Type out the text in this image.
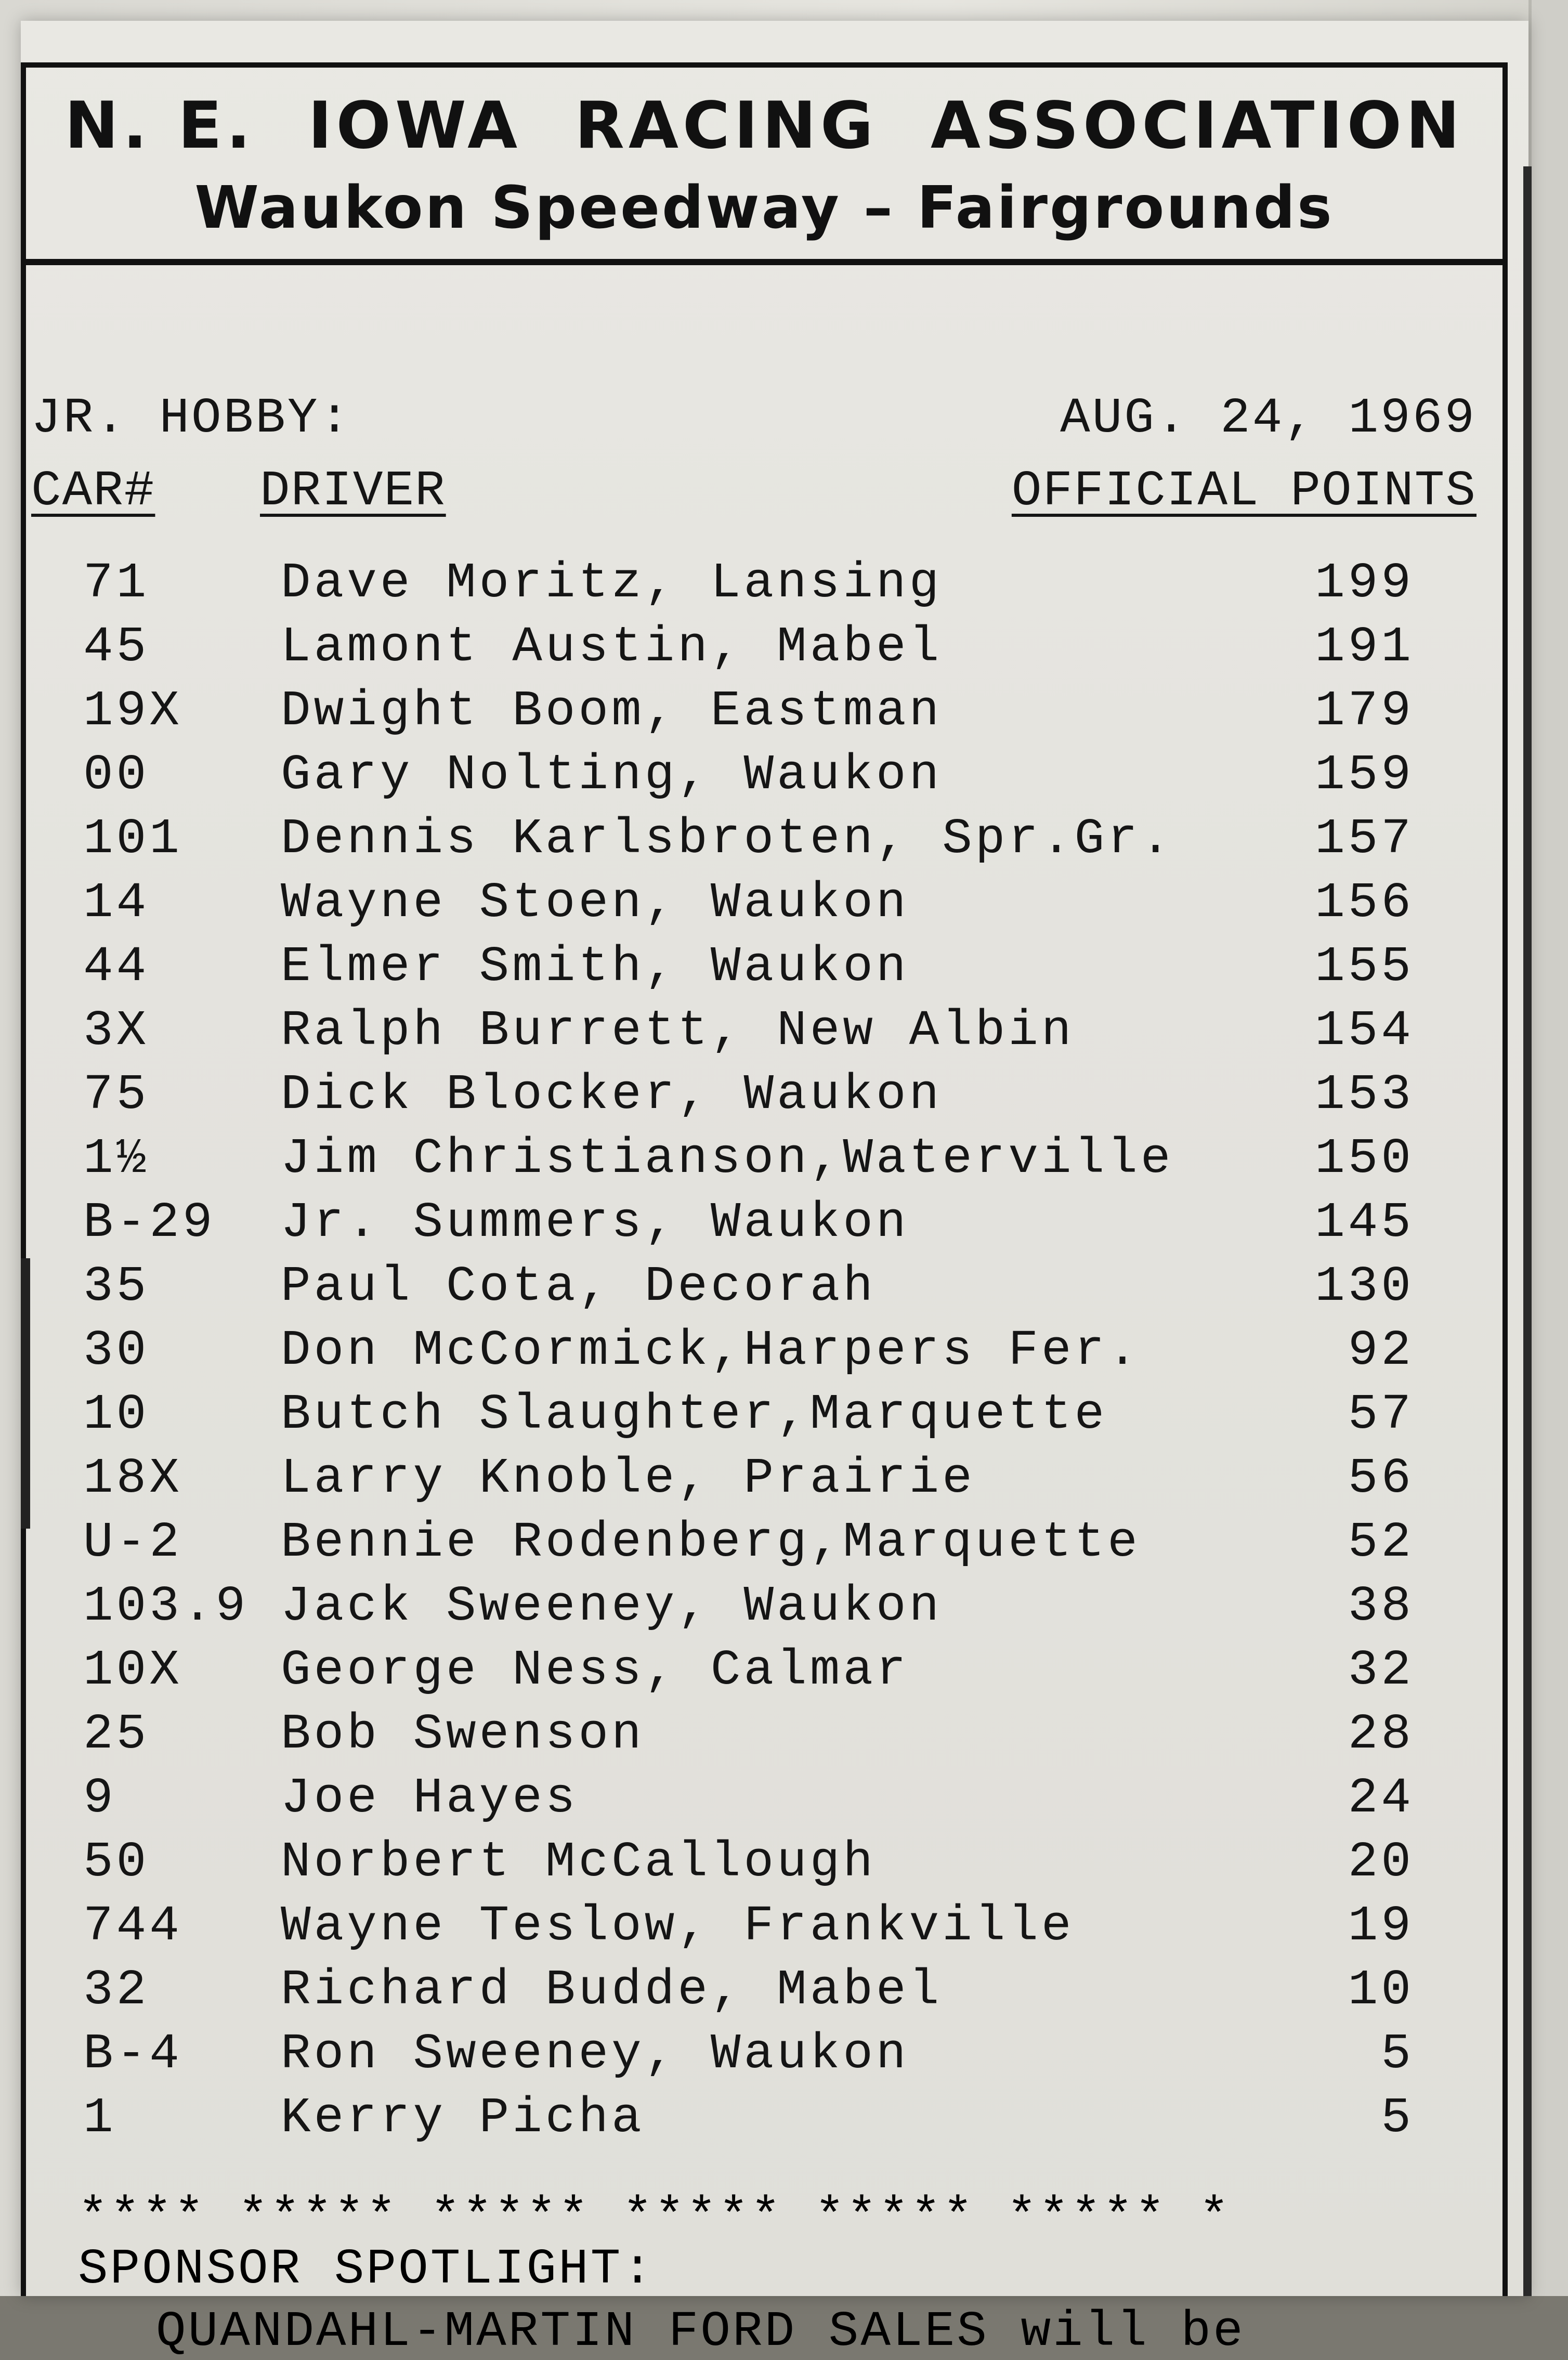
N. E.  IOWA  RACING  ASSOCIATION
Waukon Speedway – Fairgrounds
JR. HOBBY:	AUG. 24, 1969
CAR# DRIVER	OFFICIAL POINTS
71	Dave Moritz, Lansing	199
45	Lamont Austin, Mabel	191
19X	Dwight Boom, Eastman	179
00	Gary Nolting, Waukon	159
101	Dennis Karlsbroten, Spr.Gr.	157
14	Wayne Stoen, Waukon	156
44	Elmer Smith, Waukon	155
3X	Ralph Burrett, New Albin	154
75	Dick Blocker, Waukon	153
1½	Jim Christianson,Waterville	150
B-29	Jr. Summers, Waukon	145
35	Paul Cota, Decorah	130
30	Don McCormick,Harpers Fer.	92
10	Butch Slaughter,Marquette	57
18X	Larry Knoble, Prairie	56
U-2	Bennie Rodenberg,Marquette	52
103.9 Jack Sweeney, Waukon	38
10X	George Ness, Calmar	32
25	Bob Swenson	28
9	Joe Hayes	24
50	Norbert McCallough	20
744	Wayne Teslow, Frankville	19
32	Richard Budde, Mabel	10
B-4	Ron Sweeney, Waukon	5
1	Kerry Picha	5
**** ***** ***** ***** ***** ***** *
SPONSOR SPOTLIGHT:
QUANDAHL-MARTIN FORD SALES will be
